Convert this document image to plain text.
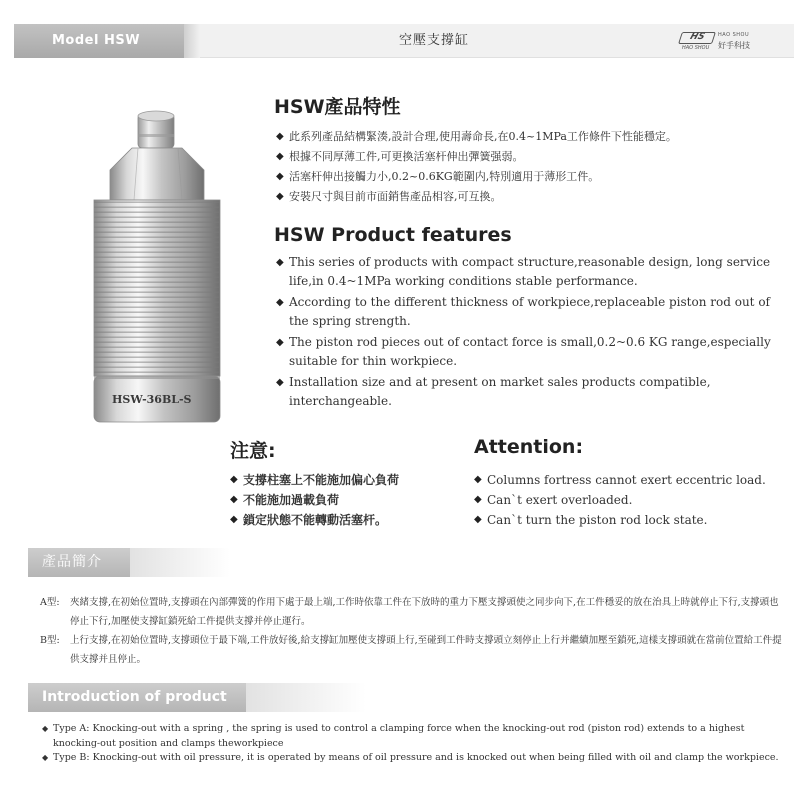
Model HSW	空壓支撐缸	HS	HAO SHOU
好手科技
HAO SHOU
HSW-36BL-S
HSW產品特性
◆ 此系列產品結構緊湊,設計合理,使用壽命長,在0.4~1MPa工作條件下性能穩定。
◆ 根據不同厚薄工件,可更換活塞杆伸出彈簧强弱。
◆ 活塞杆伸出接觸力小,0.2~0.6KG範圍内,特別適用于薄形工件。
◆ 安裝尺寸與目前市面銷售產品相容,可互換。
HSW Product features
◆ This series of products with compact structure,reasonable design, long service life,in 0.4~1MPa working conditions stable performance.
◆ According to the different thickness of workpiece,replaceable piston rod out of the spring strength.
◆ The piston rod pieces out of contact force is small,0.2~0.6 KG range,especially suitable for thin workpiece.
◆ Installation size and at present on market sales products compatible, interchangeable.
注意:
◆ 支撐柱塞上不能施加偏心負荷
◆ 不能施加過載負荷
◆ 鎖定狀態不能轉動活塞杆。
Attention:
◆ Columns fortress cannot exert eccentric load.
◆ Can`t exert overloaded.
◆ Can`t turn the piston rod lock state.
產品簡介
A型: 夾緒支撐,在初始位置時,支撐頭在內部彈簧的作用下處于最上端,工作時依靠工件在下放時的重力下壓支撐頭使之同步向下,在工件穩妥的放在治具上時就停止下行,支撐頭也停止下行,加壓使支撐缸鎖死給工件提供支撐并停止運行。
B型: 上行支撐,在初始位置時,支撐頭位于最下端,工件放好後,給支撐缸加壓使支撐頭上行,至碰到工件時支撐頭立刻停止上行并繼續加壓至鎖死,這樣支撐頭就在當前位置給工件提供支撐并且停止。
Introduction of product
◆ Type A: Knocking-out with a spring , the spring is used to control a clamping force when the knocking-out rod (piston rod) extends to a highest knocking-out position and clamps theworkpiece
◆ Type B: Knocking-out with oil pressure, it is operated by means of oil pressure and is knocked out when being filled with oil and clamp the workpiece.
